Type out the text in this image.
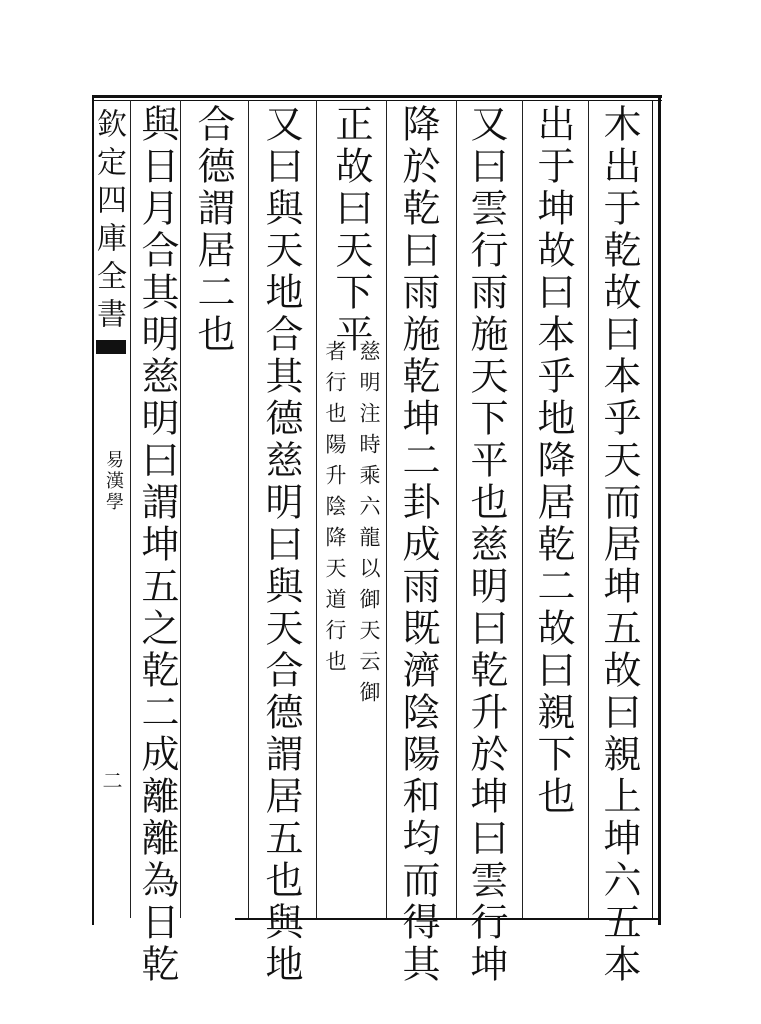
欽定四庫全書
易漢學
二	木出于乾故曰本乎天而居坤五故曰親上坤六五本
出于坤故曰本乎地降居乾二故曰親下也
又曰雲行雨施天下平也慈明曰乾升於坤曰雲行坤
降於乾曰雨施乾坤二卦成雨既濟陰陽和均而得其
正故曰天下平
慈明注時乘六龍以御天云御
者行也陽升陰降天道行也
又曰與天地合其德慈明曰與天合德謂居五也與地
合德謂居二也
與日月合其明慈明曰謂坤五之乾二成離離為日乾
